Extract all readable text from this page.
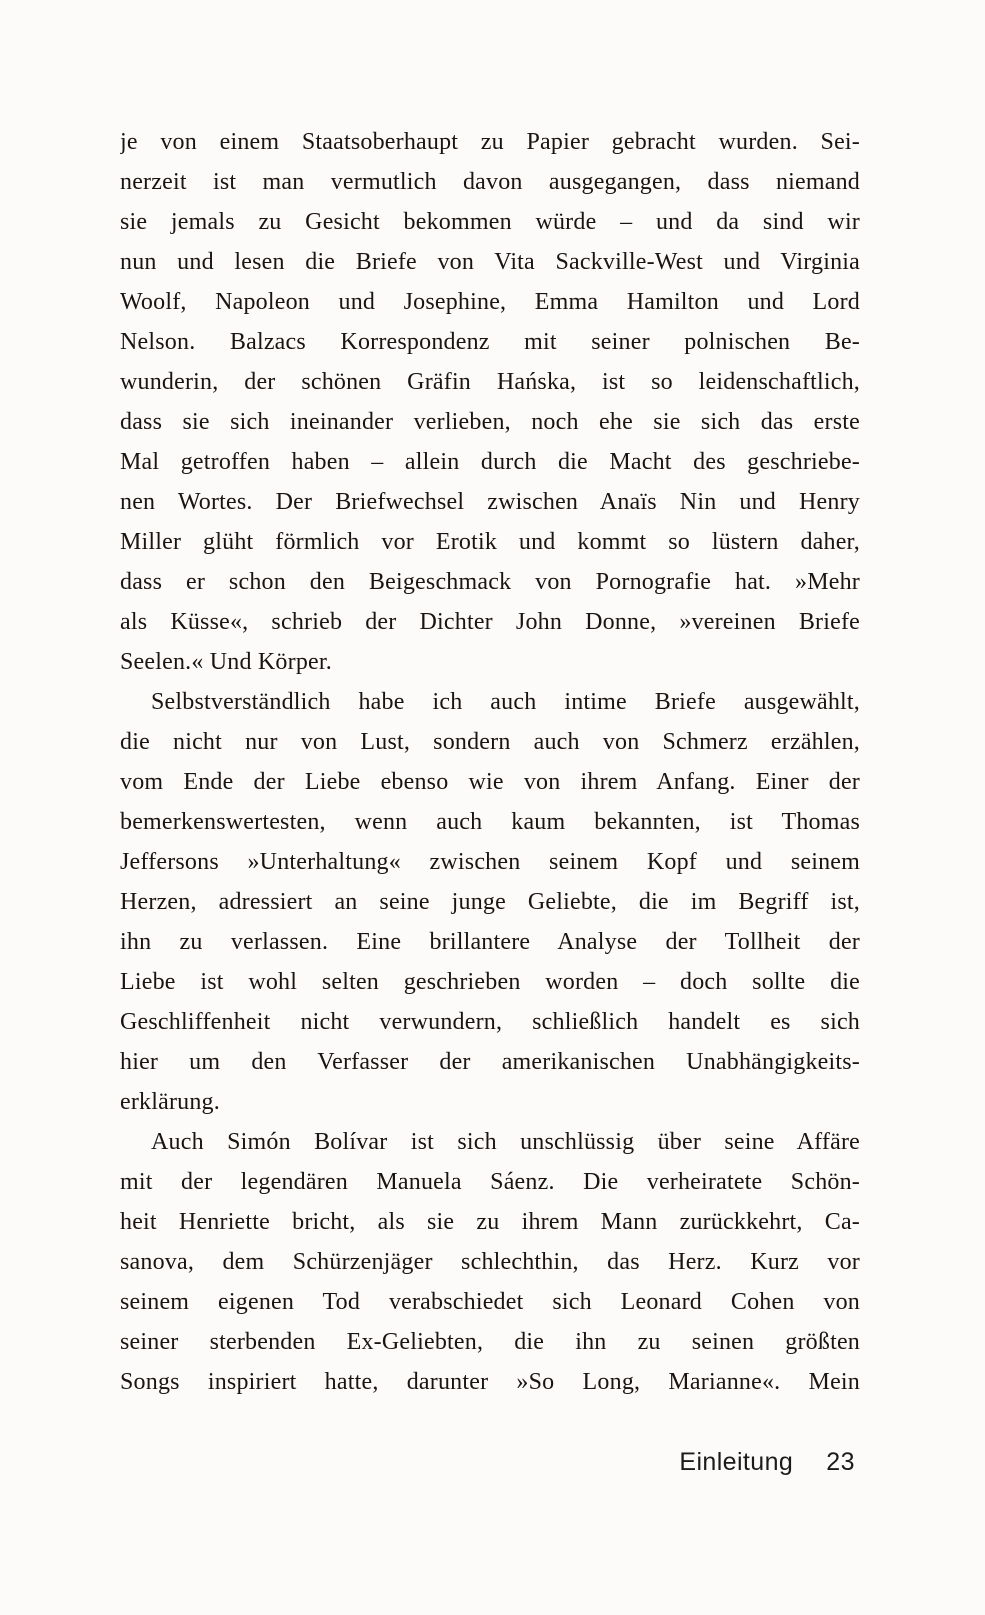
je von einem Staatsoberhaupt zu Papier gebracht wurden. Sei-
nerzeit ist man vermutlich davon ausgegangen, dass niemand
sie jemals zu Gesicht bekommen würde – und da sind wir
nun und lesen die Briefe von Vita Sackville-West und Virginia
Woolf, Napoleon und Josephine, Emma Hamilton und Lord
Nelson. Balzacs Korrespondenz mit seiner polnischen Be-
wunderin, der schönen Gräfin Hańska, ist so leidenschaftlich,
dass sie sich ineinander verlieben, noch ehe sie sich das erste
Mal getroffen haben – allein durch die Macht des geschriebe-
nen Wortes. Der Briefwechsel zwischen Anaïs Nin und Henry
Miller glüht förmlich vor Erotik und kommt so lüstern daher,
dass er schon den Beigeschmack von Pornografie hat. »Mehr
als Küsse«, schrieb der Dichter John Donne, »vereinen Briefe
Seelen.« Und Körper.
Selbstverständlich habe ich auch intime Briefe ausgewählt,
die nicht nur von Lust, sondern auch von Schmerz erzählen,
vom Ende der Liebe ebenso wie von ihrem Anfang. Einer der
bemerkenswertesten, wenn auch kaum bekannten, ist Thomas
Jeffersons »Unterhaltung« zwischen seinem Kopf und seinem
Herzen, adressiert an seine junge Geliebte, die im Begriff ist,
ihn zu verlassen. Eine brillantere Analyse der Tollheit der
Liebe ist wohl selten geschrieben worden – doch sollte die
Geschliffenheit nicht verwundern, schließlich handelt es sich
hier um den Verfasser der amerikanischen Unabhängigkeits-
erklärung.
Auch Simón Bolívar ist sich unschlüssig über seine Affäre
mit der legendären Manuela Sáenz. Die verheiratete Schön-
heit Henriette bricht, als sie zu ihrem Mann zurückkehrt, Ca-
sanova, dem Schürzenjäger schlechthin, das Herz. Kurz vor
seinem eigenen Tod verabschiedet sich Leonard Cohen von
seiner sterbenden Ex-Geliebten, die ihn zu seinen größten
Songs inspiriert hatte, darunter »So Long, Marianne«. Mein
Einleitung 23
